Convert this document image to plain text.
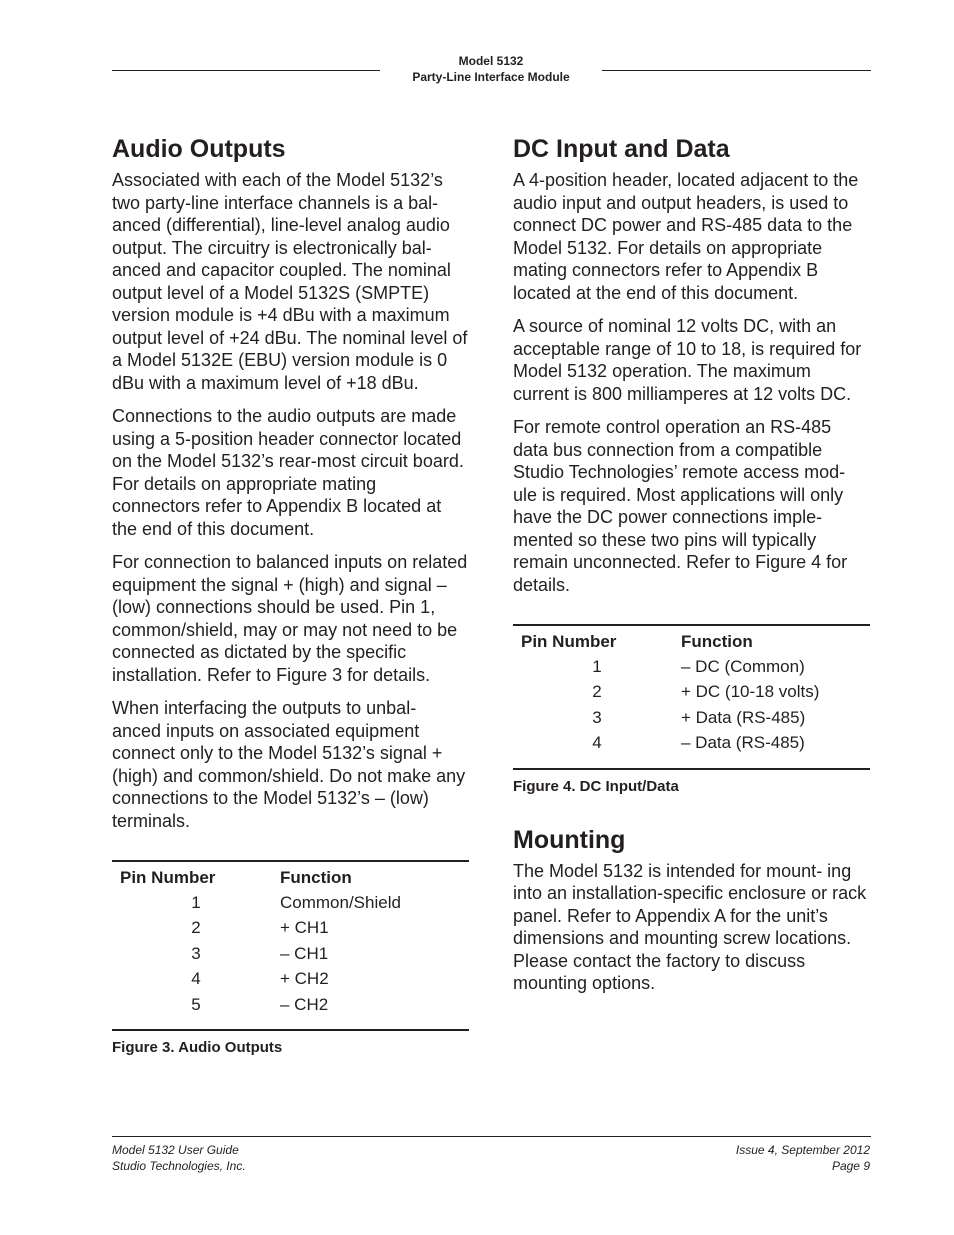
Model 5132
Party-Line Interface Module
Audio Outputs

Associated with each of the Model 5132’s two party-line interface channels is a bal- anced (differential), line-level analog audio output. The circuitry is electronically bal- anced and capacitor coupled. The nominal output level of a Model 5132S (SMPTE) version module is +4 dBu with a maximum output level of +24 dBu. The nominal level of a Model 5132E (EBU) version module is 0 dBu with a maximum level of +18 dBu.

Connections to the audio outputs are made using a 5-position header connector located on the Model 5132’s rear-most circuit board. For details on appropriate mating connectors refer to Appendix B located at the end of this document.

For connection to balanced inputs on related equipment the signal + (high) and signal – (low) connections should be used. Pin 1, common/shield, may or may not need to be connected as dictated by the specific installation. Refer to Figure 3 for details.

When interfacing the outputs to unbal- anced inputs on associated equipment connect only to the Model 5132’s signal + (high) and common/shield. Do not make any connections to the Model 5132’s – (low) terminals.

Pin Number	Function
1	Common/Shield
2	+ CH1
3	– CH1
4	+ CH2
5	– CH2
Figure 3. Audio Outputs
DC Input and Data

A 4-position header, located adjacent to the audio input and output headers, is used to connect DC power and RS-485 data to the Model 5132. For details on appropriate mating connectors refer to Appendix B located at the end of this document.

A source of nominal 12 volts DC, with an acceptable range of 10 to 18, is required for Model 5132 operation. The maximum current is 800 milliamperes at 12 volts DC.

For remote control operation an RS-485 data bus connection from a compatible Studio Technologies’ remote access mod- ule is required. Most applications will only have the DC power connections imple- mented so these two pins will typically remain unconnected. Refer to Figure 4 for details.

Pin Number	Function
1	– DC (Common)
2	+ DC (10-18 volts)
3	+ Data (RS-485)
4	– Data (RS-485)
Figure 4. DC Input/Data
Mounting

The Model 5132 is intended for mount- ing into an installation-specific enclosure or rack panel. Refer to Appendix A for the unit’s dimensions and mounting screw locations. Please contact the factory to discuss mounting options.

Model 5132 User Guide
Studio Technologies, Inc.
Issue 4, September 2012
Page 9
